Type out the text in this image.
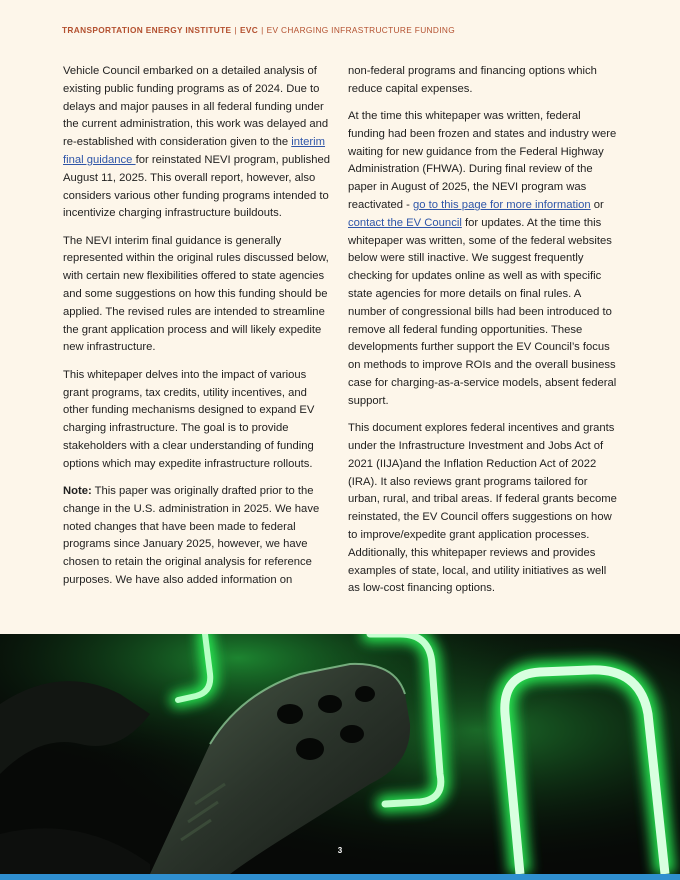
TRANSPORTATION ENERGY INSTITUTE | EVC | EV CHARGING INFRASTRUCTURE FUNDING

Vehicle Council embarked on a detailed analysis of existing public funding programs as of 2024. Due to delays and major pauses in all federal funding under the current administration, this work was delayed and re-established with consideration given to the interim final guidance for reinstated NEVI program, published August 11, 2025. This overall report, however, also considers various other funding programs intended to incentivize charging infrastructure buildouts.

The NEVI interim final guidance is generally represented within the original rules discussed below, with certain new flexibilities offered to state agencies and some suggestions on how this funding should be applied. The revised rules are intended to streamline the grant application process and will likely expedite new infrastructure.

This whitepaper delves into the impact of various grant programs, tax credits, utility incentives, and other funding mechanisms designed to expand EV charging infrastructure. The goal is to provide stakeholders with a clear understanding of funding options which may expedite infrastructure rollouts.

Note: This paper was originally drafted prior to the change in the U.S. administration in 2025. We have noted changes that have been made to federal programs since January 2025, however, we have chosen to retain the original analysis for reference purposes. We have also added information on

non-federal programs and financing options which reduce capital expenses.

At the time this whitepaper was written, federal funding had been frozen and states and industry were waiting for new guidance from the Federal Highway Administration (FHWA). During final review of the paper in August of 2025, the NEVI program was reactivated - go to this page for more information or contact the EV Council for updates. At the time this whitepaper was written, some of the federal websites below were still inactive. We suggest frequently checking for updates online as well as with specific state agencies for more details on final rules. A number of congressional bills had been introduced to remove all federal funding opportunities. These developments further support the EV Council’s focus on methods to improve ROIs and the overall business case for charging-as-a-service models, absent federal support.

This document explores federal incentives and grants under the Infrastructure Investment and Jobs Act of 2021 (IIJA)and the Inflation Reduction Act of 2022 (IRA). It also reviews grant programs tailored for urban, rural, and tribal areas. If federal grants become reinstated, the EV Council offers suggestions on how to improve/expedite grant application processes. Additionally, this whitepaper reviews and provides examples of state, local, and utility initiatives as well as low-cost financing options.

3
